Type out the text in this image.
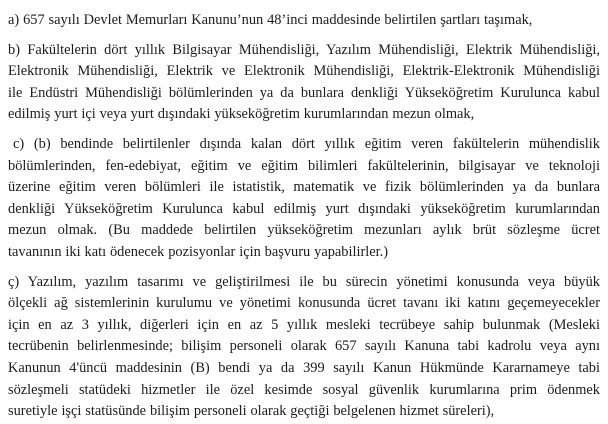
a) 657 sayılı Devlet Memurları Kanunu’nun 48’inci maddesinde belirtilen şartları taşımak,
b) Fakültelerin dört yıllık Bilgisayar Mühendisliği, Yazılım Mühendisliği, Elektrik Mühendisliği,
Elektronik Mühendisliği, Elektrik ve Elektronik Mühendisliği, Elektrik-Elektronik Mühendisliği
ile Endüstri Mühendisliği bölümlerinden ya da bunlara denkliği Yükseköğretim Kurulunca kabul
edilmiş yurt içi veya yurt dışındaki yükseköğretim kurumlarından mezun olmak,
c) (b) bendinde belirtilenler dışında kalan dört yıllık eğitim veren fakültelerin mühendislik
bölümlerinden, fen-edebiyat, eğitim ve eğitim bilimleri fakültelerinin, bilgisayar ve teknoloji
üzerine eğitim veren bölümleri ile istatistik, matematik ve fizik bölümlerinden ya da bunlara
denkliği Yükseköğretim Kurulunca kabul edilmiş yurt dışındaki yükseköğretim kurumlarından
mezun olmak. (Bu maddede belirtilen yükseköğretim mezunları aylık brüt sözleşme ücret
tavanının iki katı ödenecek pozisyonlar için başvuru yapabilirler.)
ç) Yazılım, yazılım tasarımı ve geliştirilmesi ile bu sürecin yönetimi konusunda veya büyük
ölçekli ağ sistemlerinin kurulumu ve yönetimi konusunda ücret tavanı iki katını geçemeyecekler
için en az 3 yıllık, diğerleri için en az 5 yıllık mesleki tecrübeye sahip bulunmak (Mesleki
tecrübenin belirlenmesinde; bilişim personeli olarak 657 sayılı Kanuna tabi kadrolu veya aynı
Kanunun 4'üncü maddesinin (B) bendi ya da 399 sayılı Kanun Hükmünde Kararnameye tabi
sözleşmeli statüdeki hizmetler ile özel kesimde sosyal güvenlik kurumlarına prim ödenmek
suretiyle işçi statüsünde bilişim personeli olarak geçtiği belgelenen hizmet süreleri),
